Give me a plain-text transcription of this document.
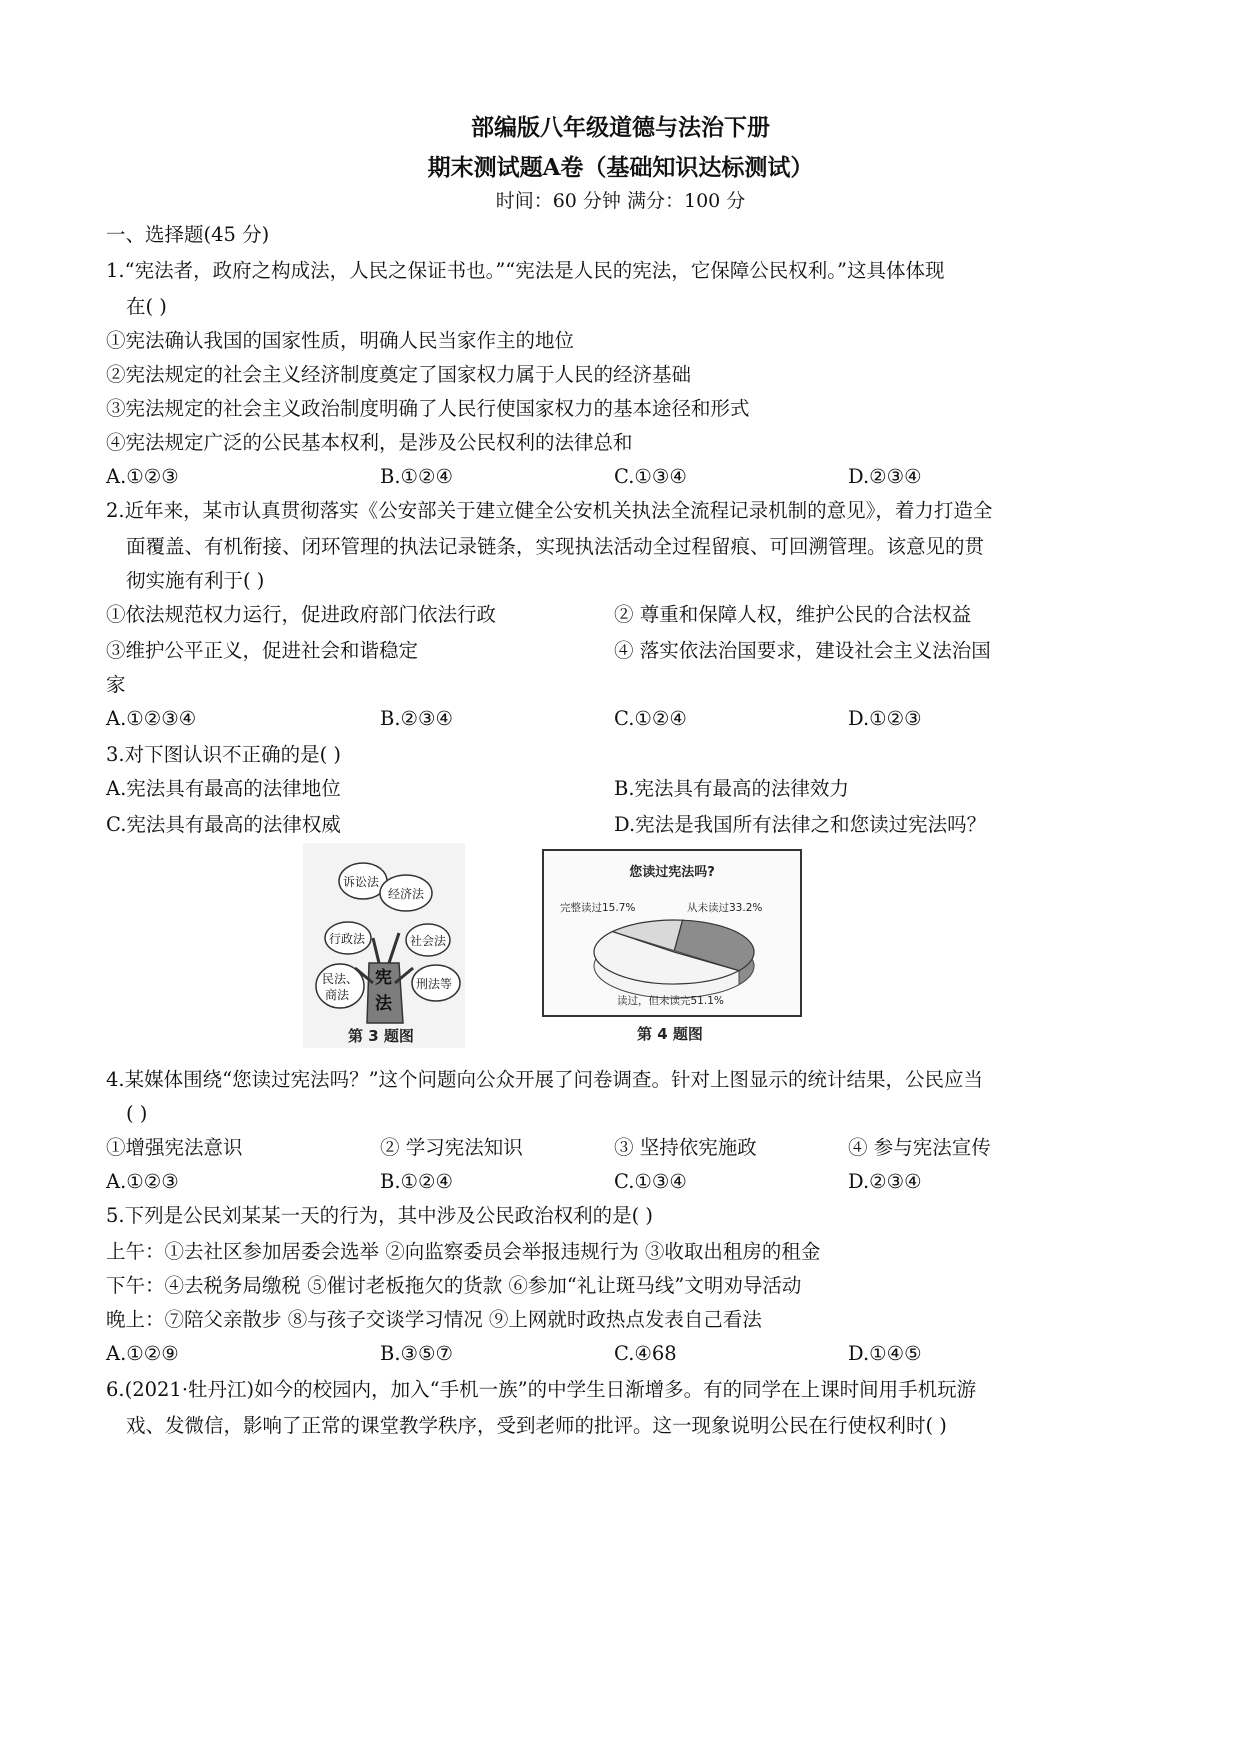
部编版八年级道德与法治下册
期末测试题A卷（基础知识达标测试）
时间：60 分钟 满分：100 分
一、选择题(45 分)
1.“宪法者，政府之构成法，人民之保证书也。”“宪法是人民的宪法，它保障公民权利。”这具体体现
在( )
①宪法确认我国的国家性质，明确人民当家作主的地位
②宪法规定的社会主义经济制度奠定了国家权力属于人民的经济基础
③宪法规定的社会主义政治制度明确了人民行使国家权力的基本途径和形式
④宪法规定广泛的公民基本权利，是涉及公民权利的法律总和
A.①②③	B.①②④	C.①③④	D.②③④
2.近年来，某市认真贯彻落实《公安部关于建立健全公安机关执法全流程记录机制的意见》，着力打造全
面覆盖、有机衔接、闭环管理的执法记录链条，实现执法活动全过程留痕、可回溯管理。该意见的贯
彻实施有利于( )
①依法规范权力运行，促进政府部门依法行政	② 尊重和保障人权，维护公民的合法权益
③维护公平正义，促进社会和谐稳定	④ 落实依法治国要求，建设社会主义法治国
家
A.①②③④	B.②③④	C.①②④	D.①②③
3.对下图认识不正确的是( )
A.宪法具有最高的法律地位	B.宪法具有最高的法律效力
C.宪法具有最高的法律权威	D.宪法是我国所有法律之和您读过宪法吗？
诉讼法
经济法
行政法	社会法
民法、
商法
刑法等
宪
法
第 3 题图
您读过宪法吗?
完整读过15.7%	从未读过33.2%
读过，但未读完51.1%
第 4 题图
4.某媒体围绕“您读过宪法吗？”这个问题向公众开展了问卷调查。针对上图显示的统计结果，公民应当
( )
①增强宪法意识	② 学习宪法知识	③ 坚持依宪施政	④ 参与宪法宣传
A.①②③	B.①②④	C.①③④	D.②③④
5.下列是公民刘某某一天的行为，其中涉及公民政治权利的是( )
上午：①去社区参加居委会选举 ②向监察委员会举报违规行为 ③收取出租房的租金
下午：④去税务局缴税 ⑤催讨老板拖欠的货款 ⑥参加“礼让斑马线”文明劝导活动
晚上：⑦陪父亲散步 ⑧与孩子交谈学习情况 ⑨上网就时政热点发表自己看法
A.①②⑨	B.③⑤⑦	C.④68	D.①④⑤
6.(2021·牡丹江)如今的校园内，加入“手机一族”的中学生日渐增多。有的同学在上课时间用手机玩游
戏、发微信，影响了正常的课堂教学秩序，受到老师的批评。这一现象说明公民在行使权利时( )
